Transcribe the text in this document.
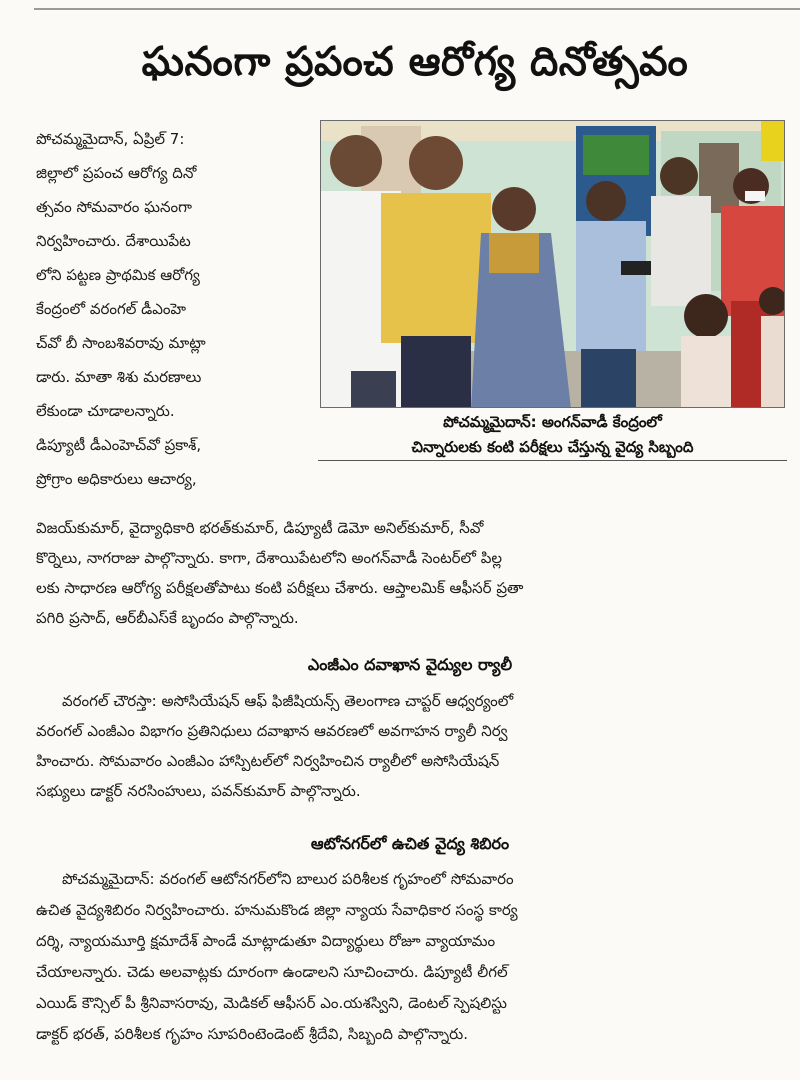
ఘనంగా ప్రపంచ ఆరోగ్య దినోత్సవం
పోచమ్మమైదాన్, ఏప్రిల్ 7:
జిల్లాలో ప్రపంచ ఆరోగ్య దినో
త్సవం సోమవారం ఘనంగా
నిర్వహించారు. దేశాయిపేట
లోని పట్టణ ప్రాథమిక ఆరోగ్య
కేంద్రంలో వరంగల్ డీఎంహె
చ్‌వో బీ సాంబశివరావు మాట్లా
డారు. మాతా శిశు మరణాలు
లేకుండా చూడాలన్నారు.
డిప్యూటీ డీఎంహెచ్‌వో ప్రకాశ్,
ప్రోగ్రాం అధికారులు ఆచార్య,
పోచమ్మమైదాన్: అంగన్‌వాడీ కేంద్రంలో
చిన్నారులకు కంటి పరీక్షలు చేస్తున్న వైద్య సిబ్బంది
విజయ్‌కుమార్, వైద్యాధికారి భరత్‌కుమార్, డిప్యూటీ డెమో అనిల్‌కుమార్, సీవో
కొర్నెలు, నాగరాజు పాల్గొన్నారు. కాగా, దేశాయిపేటలోని అంగన్‌వాడీ సెంటర్‌లో పిల్ల
లకు సాధారణ ఆరోగ్య పరీక్షలతోపాటు కంటి పరీక్షలు చేశారు. ఆప్తాలమిక్ ఆఫీసర్ ప్రతా
పగిరి ప్రసాద్, ఆర్‌బీఎస్‌కే బృందం పాల్గొన్నారు.
ఎంజీఎం దవాఖాన వైద్యుల ర్యాలీ
వరంగల్ చౌరస్తా: అసోసియేషన్ ఆఫ్ ఫిజీషియన్స్ తెలంగాణ చాప్టర్ ఆధ్వర్యంలో
వరంగల్ ఎంజీఎం విభాగం ప్రతినిధులు దవాఖాన ఆవరణలో అవగాహన ర్యాలీ నిర్వ
హించారు. సోమవారం ఎంజీఎం హాస్పిటల్‌లో నిర్వహించిన ర్యాలీలో అసోసియేషన్
సభ్యులు డాక్టర్ నరసింహులు, పవన్‌కుమార్ పాల్గొన్నారు.
ఆటోనగర్‌లో ఉచిత వైద్య శిబిరం
పోచమ్మమైదాన్: వరంగల్ ఆటోనగర్‌లోని బాలుర పరిశీలక గృహంలో సోమవారం
ఉచిత వైద్యశిబిరం నిర్వహించారు. హనుమకొండ జిల్లా న్యాయ సేవాధికార సంస్థ కార్య
దర్శి, న్యాయమూర్తి క్షమాదేశ్ పాండే మాట్లాడుతూ విద్యార్థులు రోజూ వ్యాయామం
చేయాలన్నారు. చెడు అలవాట్లకు దూరంగా ఉండాలని సూచించారు. డిప్యూటీ లీగల్
ఎయిడ్ కౌన్సిల్ పీ శ్రీనివాసరావు, మెడికల్ ఆఫీసర్ ఎం.యశస్విని, డెంటల్ స్పెషలిస్టు
డాక్టర్ భరత్, పరిశీలక గృహం సూపరింటెండెంట్ శ్రీదేవి, సిబ్బంది పాల్గొన్నారు.
